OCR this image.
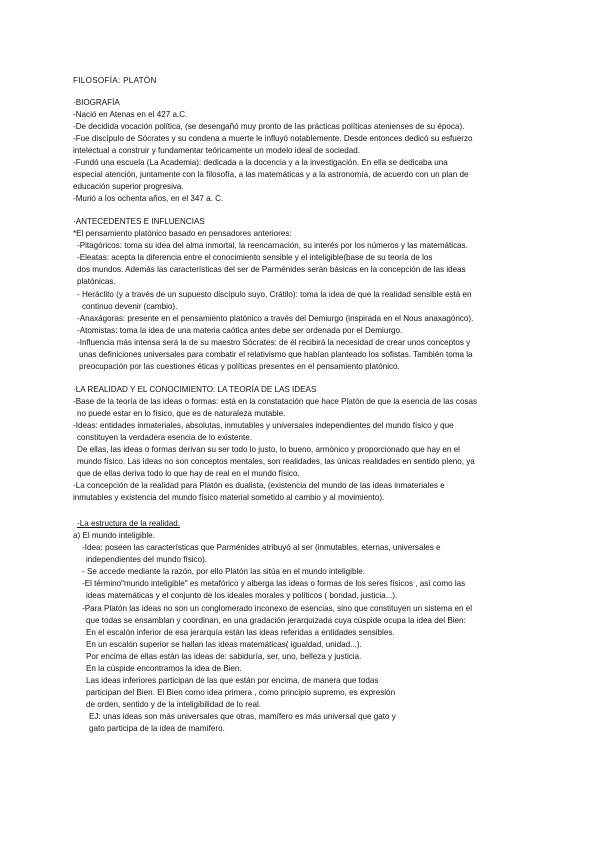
FILOSOFÍA: PLATÓN
·BIOGRAFÍA
-Nació en Atenas en el 427 a.C.
-De decidida vocación política, (se desengañó muy pronto de las prácticas políticas atenienses de su época).
-Fue discípulo de Sócrates y su condena a muerte le influyó notablemente. Desde entonces dedicó su esfuerzo
intelectual a construir y fundamentar teóricamente un modelo ideal de sociedad.
-Fundó una escuela (La Academia): dedicada a la docencia y a la investigación. En ella se dedicaba una
especial atención, juntamente con la filosofía, a las matemáticas y a la astronomía, de acuerdo con un plan de
educación superior progresiva.
-Murió a los ochenta años, en el 347 a. C.
·ANTECEDENTES E INFLUENCIAS
*El pensamiento platónico basado en pensadores anteriores:
-Pitagóricos: toma su idea del alma inmortal, la reencarnación, su interés por los números y las matemáticas.
-Eleatas: acepta la diferencia entre el conocimiento sensible y el inteligible(base de su teoría de los
dos mundos. Además las características del ser de Parménides serán básicas en la concepción de las ideas
platónicas.
- Heráclito (y a través de un supuesto discípulo suyo, Crátilo): toma la idea de que la realidad sensible está en
continuo devenir (cambio).
-Anaxágoras: presente en el pensamiento platónico a través del Demiurgo (inspirada en el Nous anaxagórico).
-Atomistas: toma la idea de una materia caótica antes debe ser ordenada por el Demiurgo.
-Influencia más intensa será la de su maestro Sócrates: de él recibirá la necesidad de crear unos conceptos y
unas definiciones universales para combatir el relativismo que habían planteado los sofistas. También toma la
preocupación por las cuestiones éticas y políticas presentes en el pensamiento platónico.
·LA REALIDAD Y EL CONOCIMIENTO: LA TEORÍA DE LAS IDEAS
-Base de la teoría de las ideas o formas: está en la constatación que hace Platón de que la esencia de las cosas
no puede estar en lo físico, que es de naturaleza mutable.
-Ideas: entidades inmateriales, absolutas, inmutables y universales independientes del mundo físico y que
constituyen la verdadera esencia de lo existente.
De ellas, las ideas o formas derivan su ser todo lo justo, lo bueno, armónico y proporcionado que hay en el
mundo físico. Las ideas no son conceptos mentales, son realidades, las únicas realidades en sentido pleno, ya
que de ellas deriva todo lo que hay de real en el mundo físico.
-La concepción de la realidad para Platón es dualista, (existencia del mundo de las ideas inmateriales e
inmutables y existencia del mundo físico material sometido al cambio y al movimiento).
-La estructura de la realidad.
a) El mundo inteligible.
-Idea: poseen las características que Parménides atribuyó al ser (inmutables, eternas, universales e
independientes del mundo físico).
- Se accede mediante la razón, por ello Platón las sitúa en el mundo inteligible.
-El término"mundo inteligible" es metafórico y alberga las ideas o formas de los seres físicos , así como las
ideas matemáticas y el conjunto de los ideales morales y políticos ( bondad, justicia...).
-Para Platón las ideas no son un conglomerado inconexo de esencias, sino que constituyen un sistema en el
que todas se ensamblan y coordinan, en una gradación jerarquizada cuya cúspide ocupa la idea del Bien:
En el escalón inferior de esa jerarquía están las ideas referidas a entidades sensibles.
En un escalón superior se hallan las ideas matemáticas( igualdad, unidad...).
Por encima de ellas están las ideas de: sabiduría, ser, uno, belleza y justicia.
En la cúspide encontramos la idea de Bien.
Las ideas inferiores participan de las que están por encima, de manera que todas
participan del Bien. El Bien como idea primera , como principio supremo, es expresión
de orden, sentido y de la inteligibilidad de lo real.
EJ: unas ideas son más universales que otras, mamífero es más universal que gato y
gato participa de la idea de mamífero.
